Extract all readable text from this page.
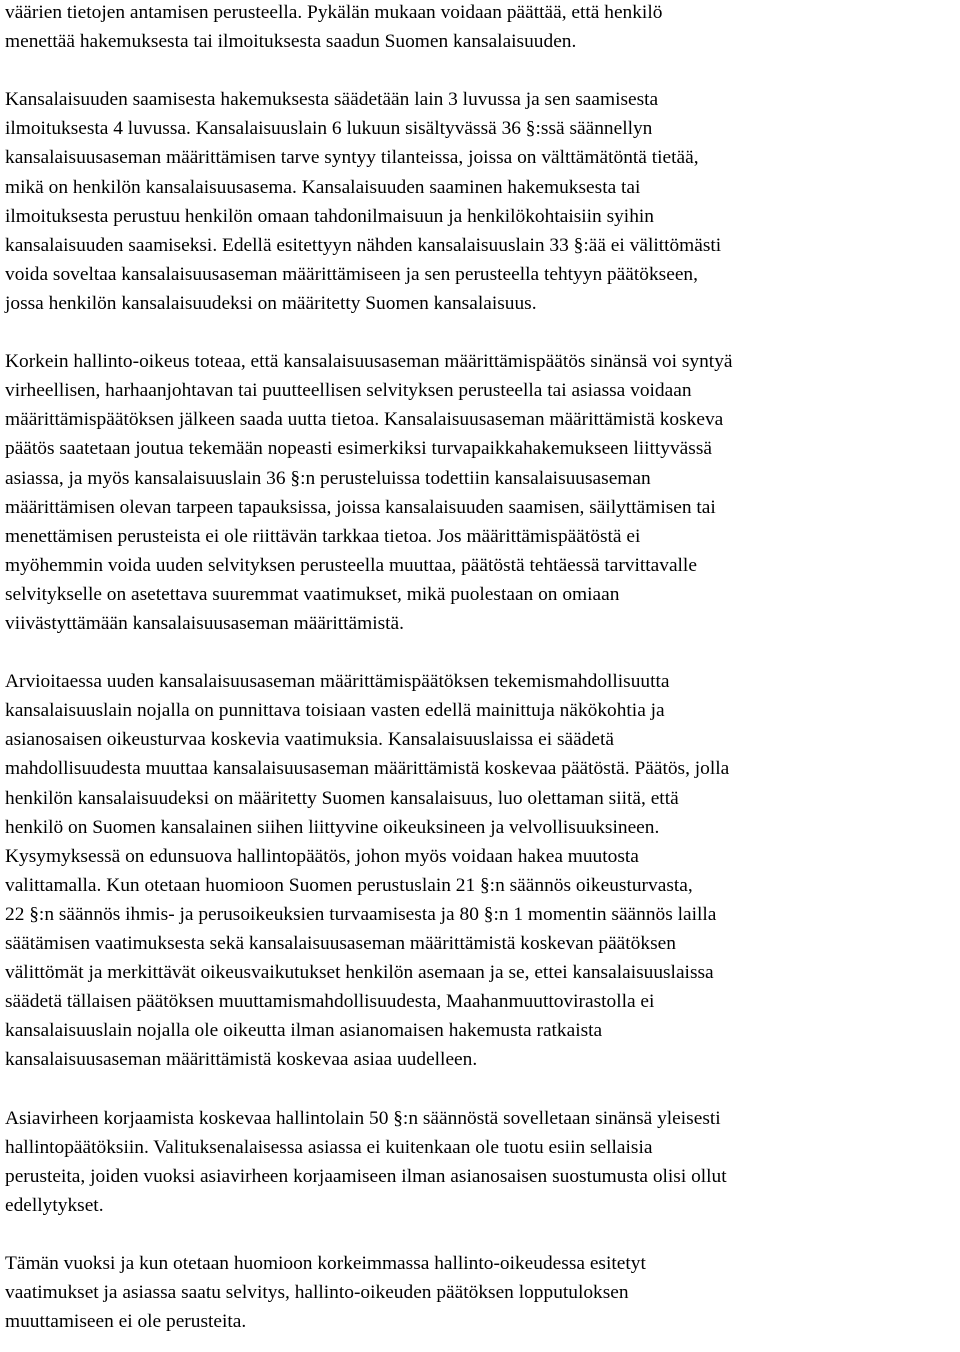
väärien tietojen antamisen perusteella. Pykälän mukaan voidaan päättää, että henkilö
menettää hakemuksesta tai ilmoituksesta saadun Suomen kansalaisuuden.
Kansalaisuuden saamisesta hakemuksesta säädetään lain 3 luvussa ja sen saamisesta
ilmoituksesta 4 luvussa. Kansalaisuuslain 6 lukuun sisältyvässä 36 §:ssä säännellyn
kansalaisuusaseman määrittämisen tarve syntyy tilanteissa, joissa on välttämätöntä tietää,
mikä on henkilön kansalaisuusasema. Kansalaisuuden saaminen hakemuksesta tai
ilmoituksesta perustuu henkilön omaan tahdonilmaisuun ja henkilökohtaisiin syihin
kansalaisuuden saamiseksi. Edellä esitettyyn nähden kansalaisuuslain 33 §:ää ei välittömästi
voida soveltaa kansalaisuusaseman määrittämiseen ja sen perusteella tehtyyn päätökseen,
jossa henkilön kansalaisuudeksi on määritetty Suomen kansalaisuus.
Korkein hallinto-oikeus toteaa, että kansalaisuusaseman määrittämispäätös sinänsä voi syntyä
virheellisen, harhaanjohtavan tai puutteellisen selvityksen perusteella tai asiassa voidaan
määrittämispäätöksen jälkeen saada uutta tietoa. Kansalaisuusaseman määrittämistä koskeva
päätös saatetaan joutua tekemään nopeasti esimerkiksi turvapaikkahakemukseen liittyvässä
asiassa, ja myös kansalaisuuslain 36 §:n perusteluissa todettiin kansalaisuusaseman
määrittämisen olevan tarpeen tapauksissa, joissa kansalaisuuden saamisen, säilyttämisen tai
menettämisen perusteista ei ole riittävän tarkkaa tietoa. Jos määrittämispäätöstä ei
myöhemmin voida uuden selvityksen perusteella muuttaa, päätöstä tehtäessä tarvittavalle
selvitykselle on asetettava suuremmat vaatimukset, mikä puolestaan on omiaan
viivästyttämään kansalaisuusaseman määrittämistä.
Arvioitaessa uuden kansalaisuusaseman määrittämispäätöksen tekemismahdollisuutta
kansalaisuuslain nojalla on punnittava toisiaan vasten edellä mainittuja näkökohtia ja
asianosaisen oikeusturvaa koskevia vaatimuksia. Kansalaisuuslaissa ei säädetä
mahdollisuudesta muuttaa kansalaisuusaseman määrittämistä koskevaa päätöstä. Päätös, jolla
henkilön kansalaisuudeksi on määritetty Suomen kansalaisuus, luo olettaman siitä, että
henkilö on Suomen kansalainen siihen liittyvine oikeuksineen ja velvollisuuksineen.
Kysymyksessä on edunsuova hallintopäätös, johon myös voidaan hakea muutosta
valittamalla. Kun otetaan huomioon Suomen perustuslain 21 §:n säännös oikeusturvasta,
22 §:n säännös ihmis- ja perusoikeuksien turvaamisesta ja 80 §:n 1 momentin säännös lailla
säätämisen vaatimuksesta sekä kansalaisuusaseman määrittämistä koskevan päätöksen
välittömät ja merkittävät oikeusvaikutukset henkilön asemaan ja se, ettei kansalaisuuslaissa
säädetä tällaisen päätöksen muuttamismahdollisuudesta, Maahanmuuttovirastolla ei
kansalaisuuslain nojalla ole oikeutta ilman asianomaisen hakemusta ratkaista
kansalaisuusaseman määrittämistä koskevaa asiaa uudelleen.
Asiavirheen korjaamista koskevaa hallintolain 50 §:n säännöstä sovelletaan sinänsä yleisesti
hallintopäätöksiin. Valituksenalaisessa asiassa ei kuitenkaan ole tuotu esiin sellaisia
perusteita, joiden vuoksi asiavirheen korjaamiseen ilman asianosaisen suostumusta olisi ollut
edellytykset.
Tämän vuoksi ja kun otetaan huomioon korkeimmassa hallinto-oikeudessa esitetyt
vaatimukset ja asiassa saatu selvitys, hallinto-oikeuden päätöksen lopputuloksen
muuttamiseen ei ole perusteita.
